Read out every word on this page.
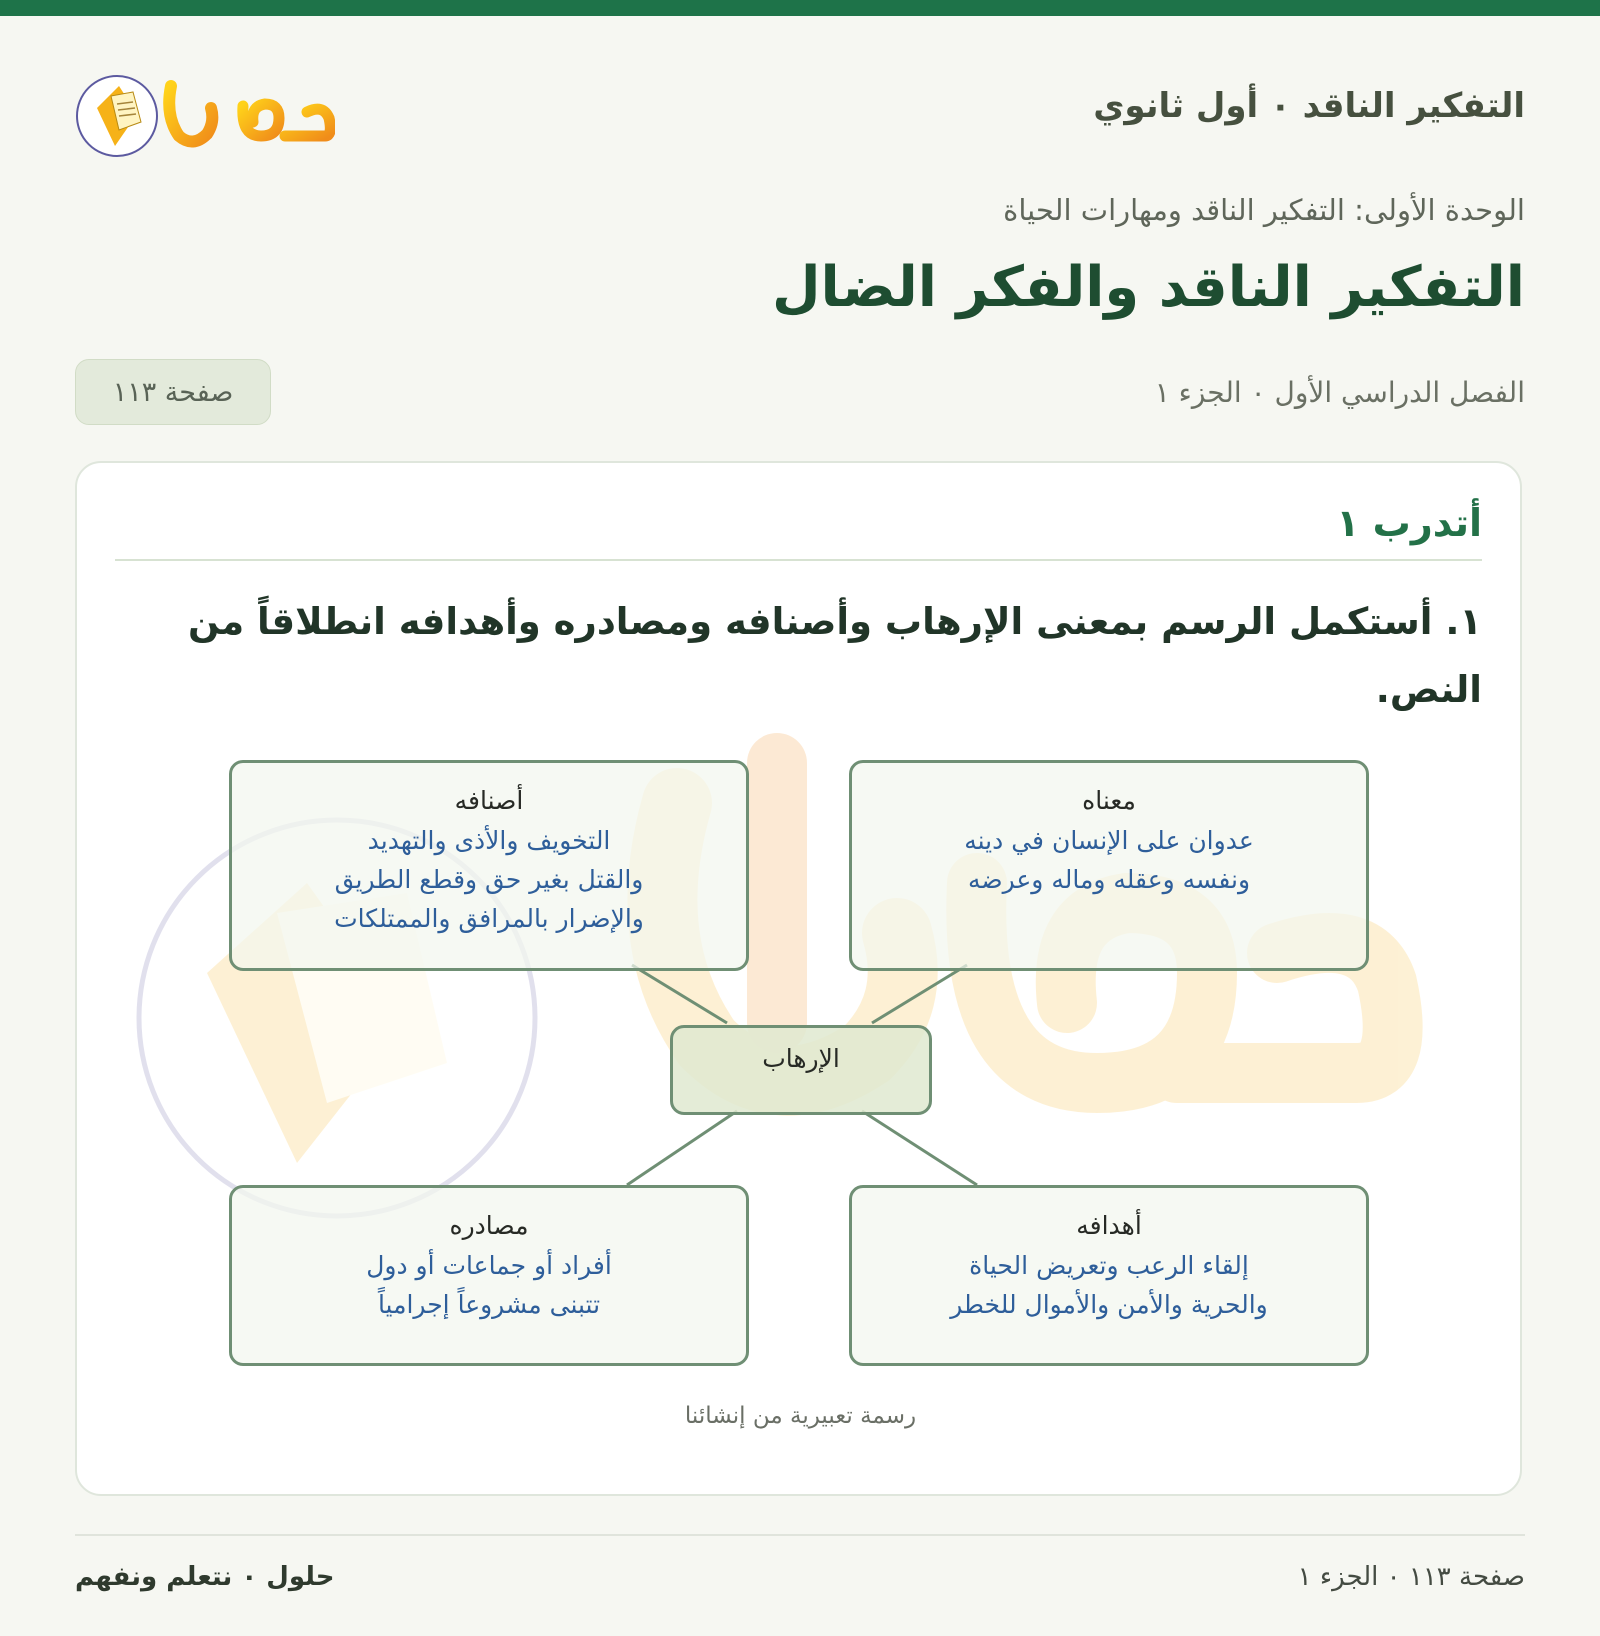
التفكير الناقد ٠ أول ثانوي
الوحدة الأولى: التفكير الناقد ومهارات الحياة
التفكير الناقد والفكر الضال
الفصل الدراسي الأول ٠ الجزء ١
صفحة ١١٣
أتدرب ١
١. أستكمل الرسم بمعنى الإرهاب وأصنافه ومصادره وأهدافه انطلاقاً من النص.
معناه
عدوان على الإنسان في دينه
ونفسه وعقله وماله وعرضه
أصنافه
التخويف والأذى والتهديد
والقتل بغير حق وقطع الطريق
والإضرار بالمرافق والممتلكات
الإرهاب
أهدافه
إلقاء الرعب وتعريض الحياة
والحرية والأمن والأموال للخطر
مصادره
أفراد أو جماعات أو دول
تتبنى مشروعاً إجرامياً
رسمة تعبيرية من إنشائنا
صفحة ١١٣ ٠ الجزء ١
حلول ٠ نتعلم ونفهم
